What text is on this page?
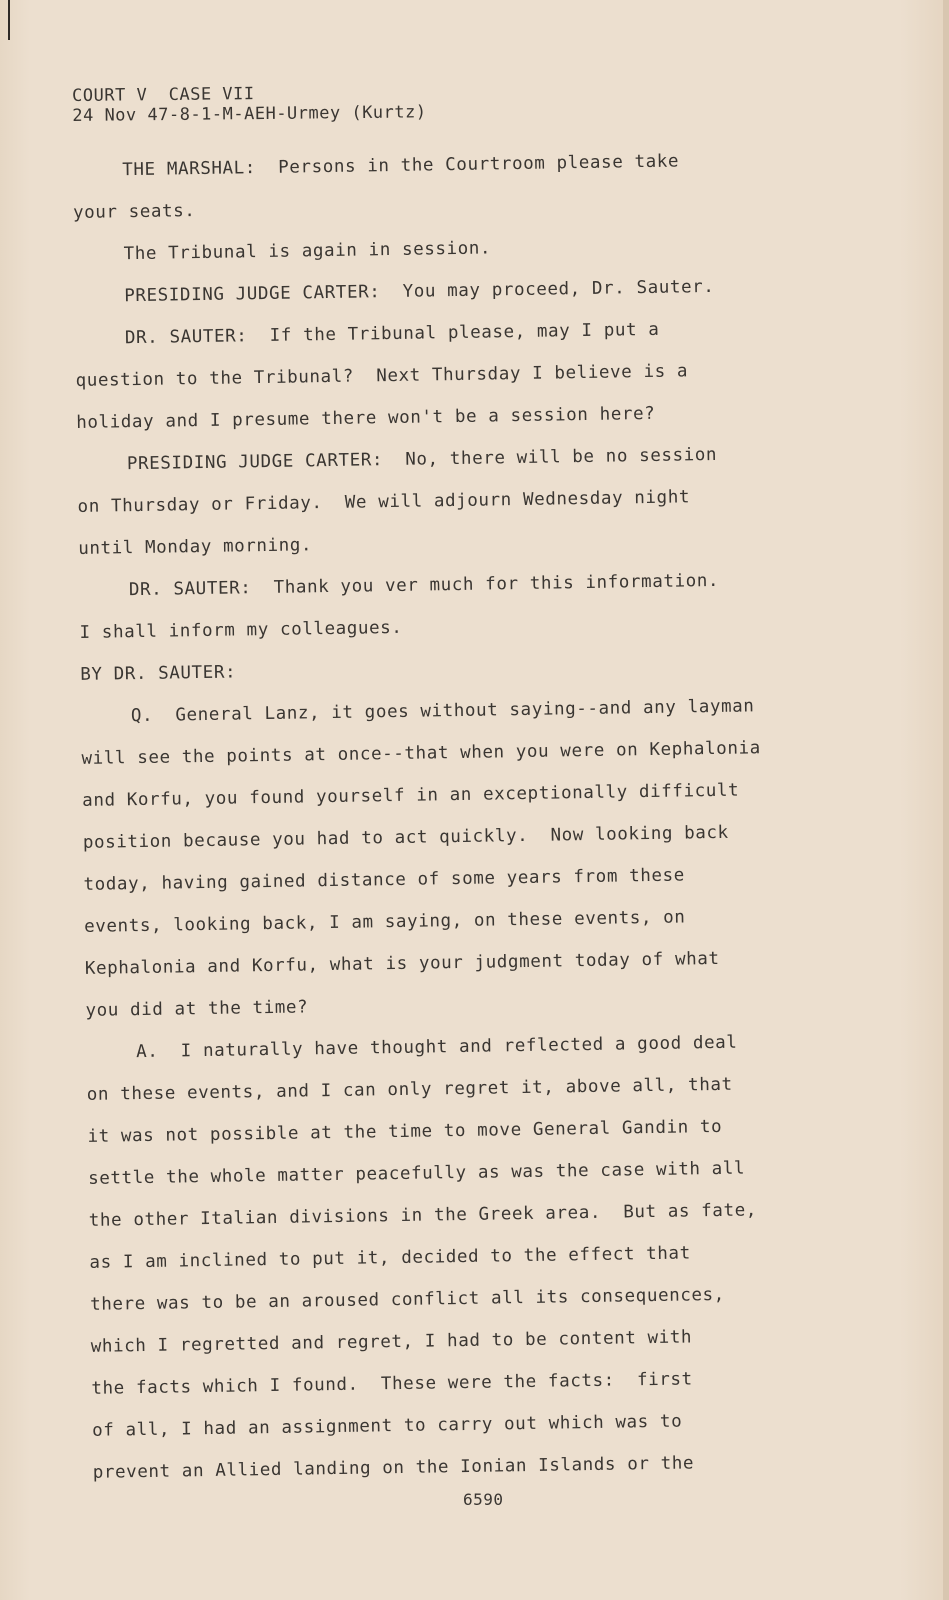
COURT V  CASE VII
24 Nov 47-8-1-M-AEH-Urmey (Kurtz)
THE MARSHAL:  Persons in the Courtroom please take
your seats.
The Tribunal is again in session.
PRESIDING JUDGE CARTER:  You may proceed, Dr. Sauter.
DR. SAUTER:  If the Tribunal please, may I put a
question to the Tribunal?  Next Thursday I believe is a
holiday and I presume there won't be a session here?
PRESIDING JUDGE CARTER:  No, there will be no session
on Thursday or Friday.  We will adjourn Wednesday night
until Monday morning.
DR. SAUTER:  Thank you ver much for this information.
I shall inform my colleagues.
BY DR. SAUTER:
Q.  General Lanz, it goes without saying--and any layman
will see the points at once--that when you were on Kephalonia
and Korfu, you found yourself in an exceptionally difficult
position because you had to act quickly.  Now looking back
today, having gained distance of some years from these
events, looking back, I am saying, on these events, on
Kephalonia and Korfu, what is your judgment today of what
you did at the time?
A.  I naturally have thought and reflected a good deal
on these events, and I can only regret it, above all, that
it was not possible at the time to move General Gandin to
settle the whole matter peacefully as was the case with all
the other Italian divisions in the Greek area.  But as fate,
as I am inclined to put it, decided to the effect that
there was to be an aroused conflict all its consequences,
which I regretted and regret, I had to be content with
the facts which I found.  These were the facts:  first
of all, I had an assignment to carry out which was to
prevent an Allied landing on the Ionian Islands or the
6590
